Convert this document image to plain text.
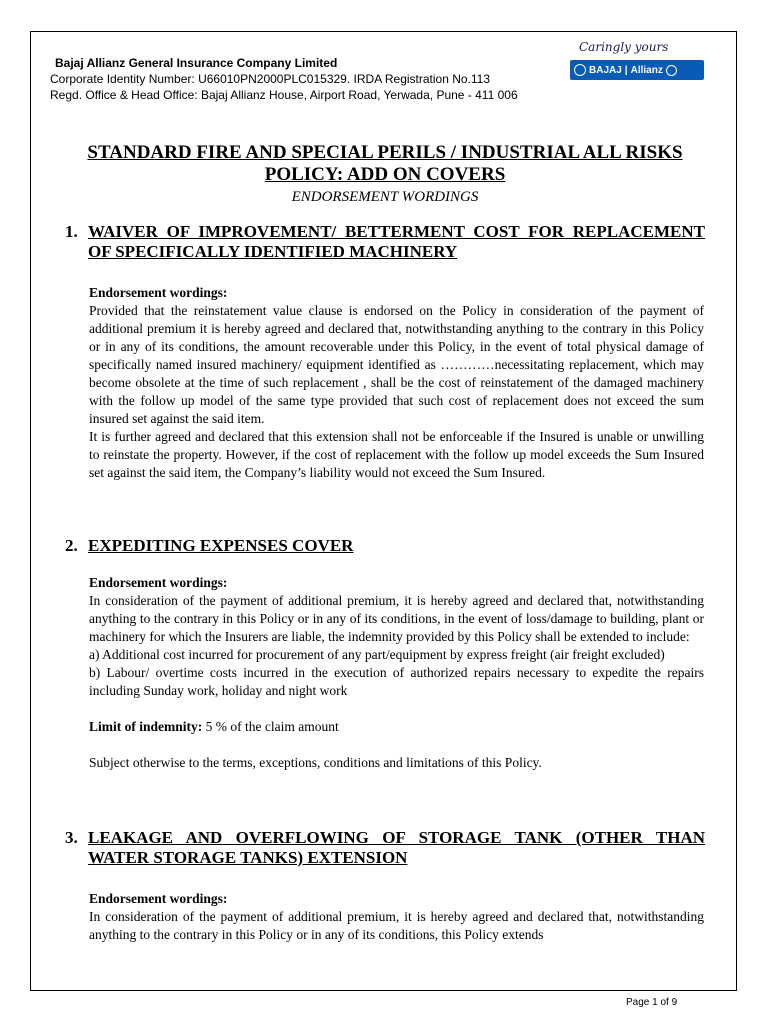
Bajaj Allianz General Insurance Company Limited
Corporate Identity Number: U66010PN2000PLC015329. IRDA Registration No.113
Regd. Office & Head Office: Bajaj Allianz House, Airport Road, Yerwada, Pune - 411 006
Caringly yours
BAJAJ | Allianz
STANDARD FIRE AND SPECIAL PERILS / INDUSTRIAL ALL RISKS
POLICY: ADD ON COVERS
ENDORSEMENT WORDINGS
1. WAIVER OF IMPROVEMENT/ BETTERMENT COST FOR REPLACEMENT OF SPECIFICALLY IDENTIFIED MACHINERY

Endorsement wordings:

Provided that the reinstatement value clause is endorsed on the Policy in consideration of the payment of additional premium it is hereby agreed and declared that, notwithstanding anything to the contrary in this Policy or in any of its conditions, the amount recoverable under this Policy, in the event of total physical damage of specifically named insured machinery/ equipment identified as …………necessitating replacement, which may become obsolete at the time of such replacement , shall be the cost of reinstatement of the damaged machinery with the follow up model of the same type provided that such cost of replacement does not exceed the sum insured set against the said item.

It is further agreed and declared that this extension shall not be enforceable if the Insured is unable or unwilling to reinstate the property. However, if the cost of replacement with the follow up model exceeds the Sum Insured set against the said item, the Company’s liability would not exceed the Sum Insured.

2. EXPEDITING EXPENSES COVER

Endorsement wordings:

In consideration of the payment of additional premium, it is hereby agreed and declared that, notwithstanding anything to the contrary in this Policy or in any of its conditions, in the event of loss/damage to building, plant or machinery for which the Insurers are liable, the indemnity provided by this Policy shall be extended to include:

a) Additional cost incurred for procurement of any part/equipment by express freight (air freight excluded)

b) Labour/ overtime costs incurred in the execution of authorized repairs necessary to expedite the repairs including Sunday work, holiday and night work

Limit of indemnity: 5 % of the claim amount

Subject otherwise to the terms, exceptions, conditions and limitations of this Policy.

3. LEAKAGE AND OVERFLOWING OF STORAGE TANK (OTHER THAN WATER STORAGE TANKS) EXTENSION

Endorsement wordings:

In consideration of the payment of additional premium, it is hereby agreed and declared that, notwithstanding anything to the contrary in this Policy or in any of its conditions, this Policy extends

Page 1 of 9
